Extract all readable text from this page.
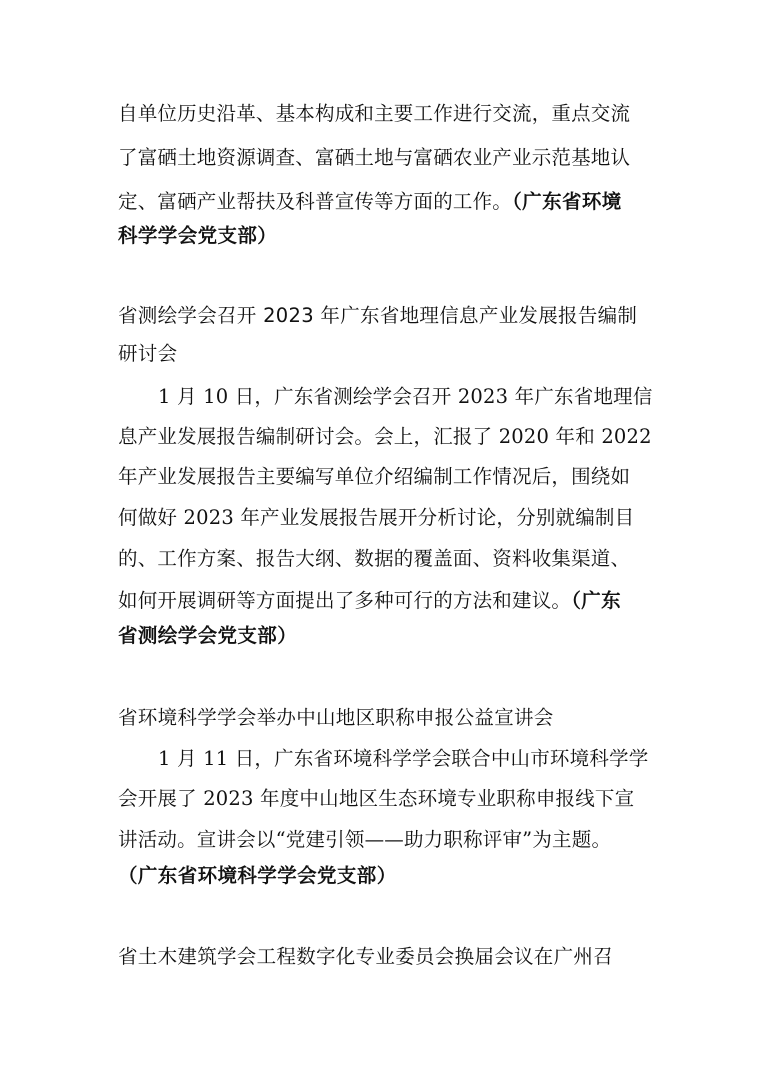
自单位历史沿革、基本构成和主要工作进行交流，重点交流
了富硒土地资源调查、富硒土地与富硒农业产业示范基地认
定、富硒产业帮扶及科普宣传等方面的工作。（广东省环境
科学学会党支部）
省测绘学会召开 2023 年广东省地理信息产业发展报告编制
研讨会
1 月 10 日，广东省测绘学会召开 2023 年广东省地理信
息产业发展报告编制研讨会。会上，汇报了 2020 年和 2022
年产业发展报告主要编写单位介绍编制工作情况后，围绕如
何做好 2023 年产业发展报告展开分析讨论，分别就编制目
的、工作方案、报告大纲、数据的覆盖面、资料收集渠道、
如何开展调研等方面提出了多种可行的方法和建议。（广东
省测绘学会党支部）
省环境科学学会举办中山地区职称申报公益宣讲会
1 月 11 日，广东省环境科学学会联合中山市环境科学学
会开展了 2023 年度中山地区生态环境专业职称申报线下宣
讲活动。宣讲会以“党建引领——助力职称评审”为主题。
（广东省环境科学学会党支部）
省土木建筑学会工程数字化专业委员会换届会议在广州召
